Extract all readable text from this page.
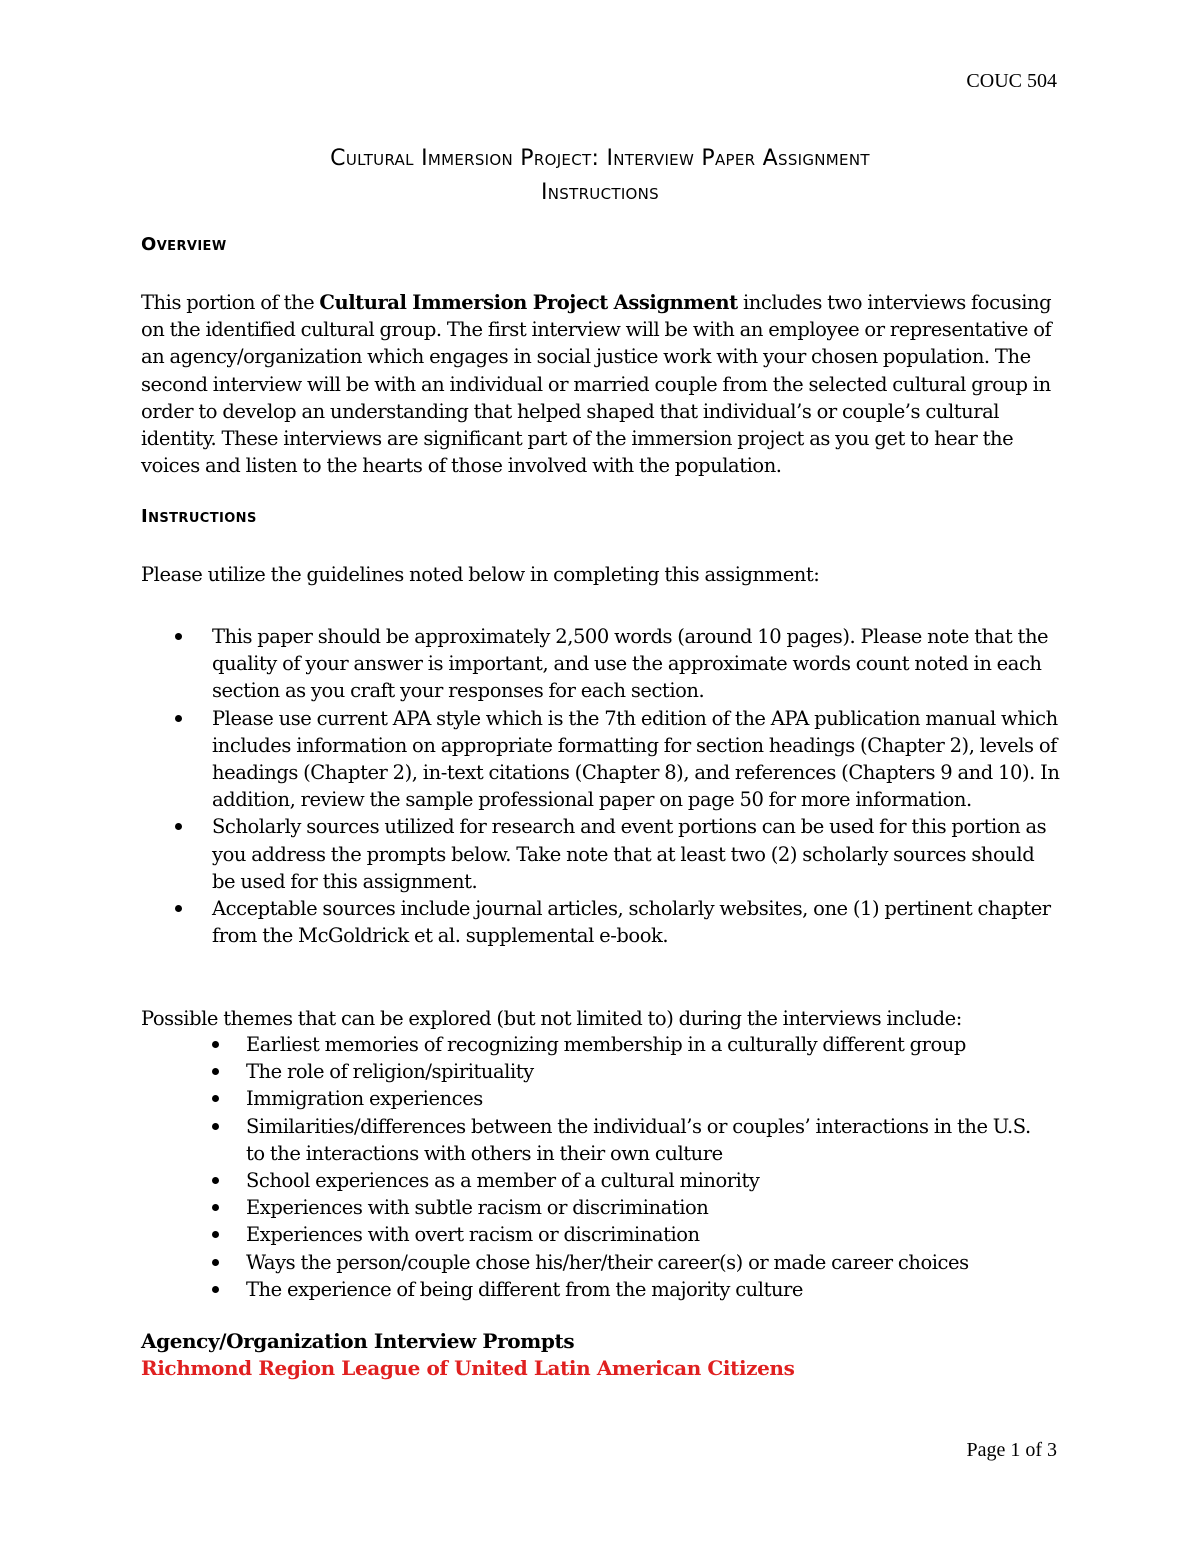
COUC 504
Cultural Immersion Project: Interview Paper Assignment
Instructions
Overview
This portion of the Cultural Immersion Project Assignment includes two interviews focusing on the identified cultural group. The first interview will be with an employee or representative of an agency/organization which engages in social justice work with your chosen population. The second interview will be with an individual or married couple from the selected cultural group in order to develop an understanding that helped shaped that individual’s or couple’s cultural identity. These interviews are significant part of the immersion project as you get to hear the voices and listen to the hearts of those involved with the population.
Instructions
Please utilize the guidelines noted below in completing this assignment:
This paper should be approximately 2,500 words (around 10 pages). Please note that the quality of your answer is important, and use the approximate words count noted in each section as you craft your responses for each section.
Please use current APA style which is the 7th edition of the APA publication manual which includes information on appropriate formatting for section headings (Chapter 2), levels of headings (Chapter 2), in-text citations (Chapter 8), and references (Chapters 9 and 10). In addition, review the sample professional paper on page 50 for more information.
Scholarly sources utilized for research and event portions can be used for this portion as you address the prompts below. Take note that at least two (2) scholarly sources should be used for this assignment.
Acceptable sources include journal articles, scholarly websites, one (1) pertinent chapter from the McGoldrick et al. supplemental e-book.
Possible themes that can be explored (but not limited to) during the interviews include:
Earliest memories of recognizing membership in a culturally different group
The role of religion/spirituality
Immigration experiences
Similarities/differences between the individual’s or couples’ interactions in the U.S. to the interactions with others in their own culture
School experiences as a member of a cultural minority
Experiences with subtle racism or discrimination
Experiences with overt racism or discrimination
Ways the person/couple chose his/her/their career(s) or made career choices
The experience of being different from the majority culture
Agency/Organization Interview Prompts
Richmond Region League of United Latin American Citizens
Page 1 of 3
